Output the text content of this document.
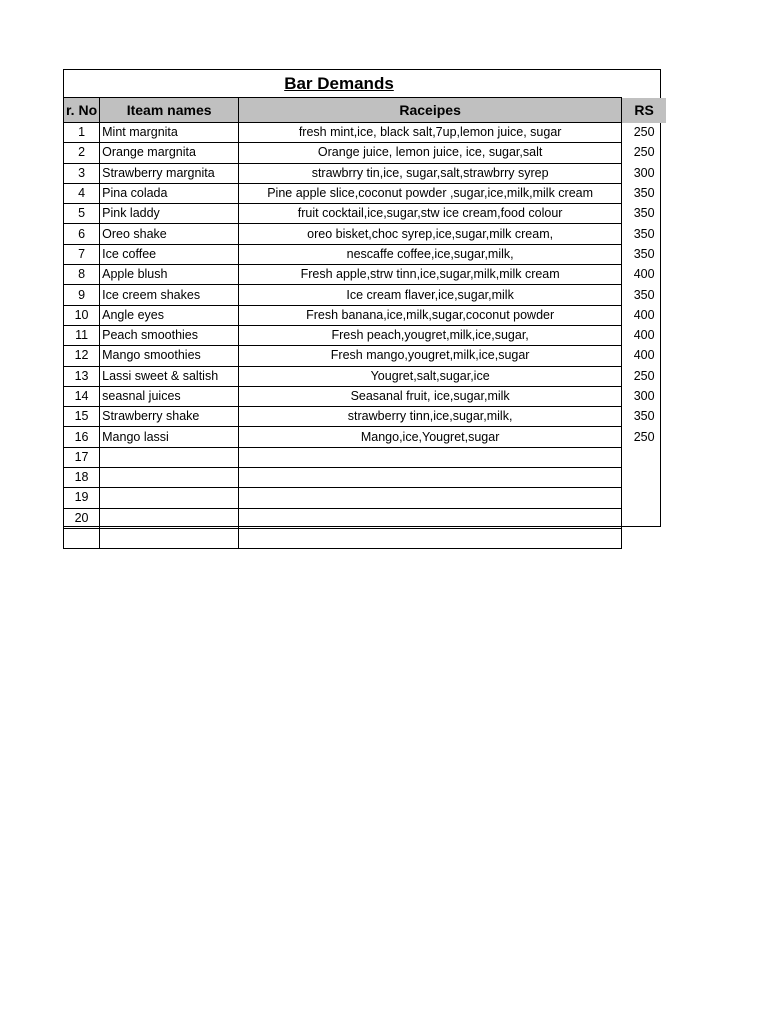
Bar Demands
r. No	Iteam names	Raceipes	RS
1	Mint margnita	fresh mint,ice, black salt,7up,lemon juice, sugar	250
2	Orange margnita	Orange juice, lemon juice, ice, sugar,salt	250
3	Strawberry margnita	strawbrry tin,ice, sugar,salt,strawbrry syrep	300
4	Pina colada	Pine apple slice,coconut powder ,sugar,ice,milk,milk cream	350
5	Pink laddy	fruit cocktail,ice,sugar,stw ice cream,food colour	350
6	Oreo shake	oreo bisket,choc syrep,ice,sugar,milk cream,	350
7	Ice coffee	nescaffe coffee,ice,sugar,milk,	350
8	Apple blush	Fresh apple,strw tinn,ice,sugar,milk,milk cream	400
9	Ice creem shakes	Ice cream flaver,ice,sugar,milk	350
10	Angle eyes	Fresh banana,ice,milk,sugar,coconut powder	400
11	Peach smoothies	Fresh peach,yougret,milk,ice,sugar,	400
12	Mango smoothies	Fresh mango,yougret,milk,ice,sugar	400
13	Lassi sweet & saltish	Yougret,salt,sugar,ice	250
14	seasnal juices	Seasanal fruit, ice,sugar,milk	300
15	Strawberry shake	strawberry tinn,ice,sugar,milk,	350
16	Mango lassi	Mango,ice,Yougret,sugar	250
17			
18			
19			
20			
